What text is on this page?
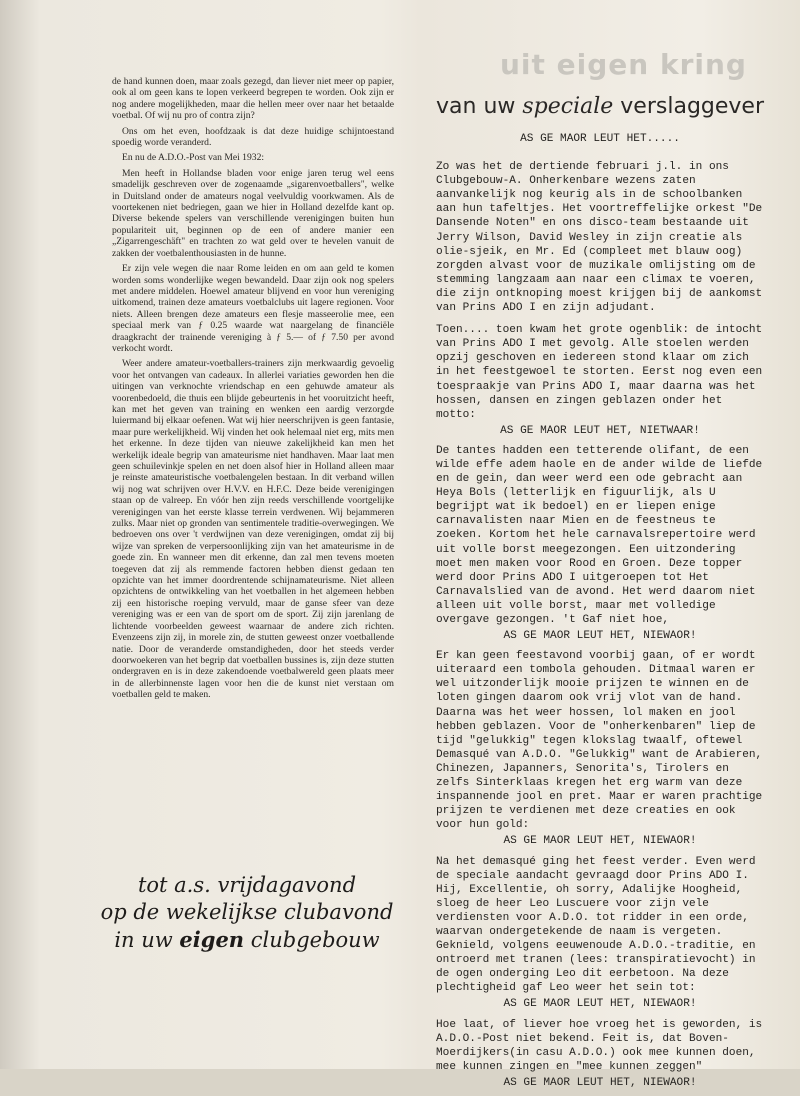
uit eigen kring

de hand kunnen doen, maar zoals gezegd, dan liever niet meer op papier, ook al om geen kans te lopen verkeerd begrepen te worden. Ook zijn er nog andere mogelijkheden, maar die hellen meer over naar het betaalde voetbal. Of wij nu pro of contra zijn?

Ons om het even, hoofdzaak is dat deze huidige schijntoestand spoedig worde veranderd.

En nu de A.D.O.-Post van Mei 1932:

Men heeft in Hollandse bladen voor enige jaren terug wel eens smadelijk geschreven over de zogenaamde „sigarenvoetballers", welke in Duitsland onder de amateurs nogal veelvuldig voorkwamen. Als de voortekenen niet bedriegen, gaan we hier in Holland dezelfde kant op. Diverse bekende spelers van verschillende verenigingen buiten hun populariteit uit, beginnen op de een of andere manier een „Zigarrengeschäft" en trachten zo wat geld over te hevelen vanuit de zakken der voetbalenthousiasten in de hunne.

Er zijn vele wegen die naar Rome leiden en om aan geld te komen worden soms wonderlijke wegen bewandeld. Daar zijn ook nog spelers met andere middelen. Hoewel amateur blijvend en voor hun vereniging uitkomend, trainen deze amateurs voetbalclubs uit lagere regionen. Voor niets. Alleen brengen deze amateurs een flesje masseerolie mee, een speciaal merk van ƒ 0.25 waarde wat naargelang de financiële draagkracht der trainende vereniging à ƒ 5.— of ƒ 7.50 per avond verkocht wordt.

Weer andere amateur-voetballers-trainers zijn merkwaardig gevoelig voor het ontvangen van cadeaux. In allerlei variaties geworden hen die uitingen van verknochte vriendschap en een gehuwde amateur als voorenbedoeld, die thuis een blijde gebeurtenis in het vooruitzicht heeft, kan met het geven van training en wenken een aardig verzorgde luiermand bij elkaar oefenen. Wat wij hier neerschrijven is geen fantasie, maar pure werkelijkheid. Wij vinden het ook helemaal niet erg, mits men het erkenne. In deze tijden van nieuwe zakelijkheid kan men het werkelijk ideale begrip van amateurisme niet handhaven. Maar laat men geen schuilevinkje spelen en net doen alsof hier in Holland alleen maar je reinste amateuristische voetbalengelen bestaan. In dit verband willen wij nog wat schrijven over H.V.V. en H.F.C. Deze beide verenigingen staan op de valreep. En vóór hen zijn reeds verschillende voortgelijke verenigingen van het eerste klasse terrein verdwenen. Wij bejammeren zulks. Maar niet op gronden van sentimentele traditie-overwegingen. We bedroeven ons over 't verdwijnen van deze verenigingen, omdat zij bij wijze van spreken de verpersoonlijking zijn van het amateurisme in de goede zin. En wanneer men dit erkenne, dan zal men tevens moeten toegeven dat zij als remmende factoren hebben dienst gedaan ten opzichte van het immer doordrentende schijnamateurisme. Niet alleen opzichtens de ontwikkeling van het voetballen in het algemeen hebben zij een historische roeping vervuld, maar de ganse sfeer van deze vereniging was er een van de sport om de sport. Zij zijn jarenlang de lichtende voorbeelden geweest waarnaar de andere zich richten. Evenzeens zijn zij, in morele zin, de stutten geweest onzer voetballende natie. Door de veranderde omstandigheden, door het steeds verder doorwoekeren van het begrip dat voetballen bussines is, zijn deze stutten ondergraven en is in deze zakendoende voetbalwereld geen plaats meer in de allerbinnenste lagen voor hen die de kunst niet verstaan om voetballen geld te maken.

tot a.s. vrijdagavond
op de wekelijkse clubavond
in uw eigen clubgebouw
van uw speciale verslaggever
AS GE MAOR LEUT HET.....
Zo was het de dertiende februari j.l. in ons Clubgebouw-A. Onherkenbare wezens zaten aanvankelijk nog keurig als in de schoolbanken aan hun tafeltjes. Het voortreffelijke orkest "De Dansende Noten" en ons disco-team bestaande uit Jerry Wilson, David Wesley in zijn creatie als olie-sjeik, en Mr. Ed (compleet met blauw oog) zorgden alvast voor de muzikale omlijsting om de stemming langzaam aan naar een climax te voeren, die zijn ontknoping moest krijgen bij de aankomst van Prins ADO I en zijn adjudant.
Toen.... toen kwam het grote ogenblik: de intocht van Prins ADO I met gevolg. Alle stoelen werden opzij geschoven en iedereen stond klaar om zich in het feestgewoel te storten. Eerst nog even een toespraakje van Prins ADO I, maar daarna was het hossen, dansen en zingen geblazen onder het motto:
AS GE MAOR LEUT HET, NIETWAAR!
De tantes hadden een tetterende olifant, de een wilde effe adem haole en de ander wilde de liefde en de gein, dan weer werd een ode gebracht aan Heya Bols (letterlijk en figuurlijk, als U begrijpt wat ik bedoel) en er liepen enige carnavalisten naar Mien en de feestneus te zoeken. Kortom het hele carnavalsrepertoire werd uit volle borst meegezongen. Een uitzondering moet men maken voor Rood en Groen. Deze topper werd door Prins ADO I uitgeroepen tot Het Carnavalslied van de avond. Het werd daarom niet alleen uit volle borst, maar met volledige overgave gezongen. 't Gaf niet hoe,
AS GE MAOR LEUT HET, NIEWAOR!
Er kan geen feestavond voorbij gaan, of er wordt uiteraard een tombola gehouden. Ditmaal waren er wel uitzonderlijk mooie prijzen te winnen en de loten gingen daarom ook vrij vlot van de hand. Daarna was het weer hossen, lol maken en jool hebben geblazen. Voor de "onherkenbaren" liep de tijd "gelukkig" tegen klokslag twaalf, oftewel Demasqué van A.D.O. "Gelukkig" want de Arabieren, Chinezen, Japanners, Senorita's, Tirolers en zelfs Sinterklaas kregen het erg warm van deze inspannende jool en pret. Maar er waren prachtige prijzen te verdienen met deze creaties en ook voor hun gold:
AS GE MAOR LEUT HET, NIEWAOR!
Na het demasqué ging het feest verder. Even werd de speciale aandacht gevraagd door Prins ADO I. Hij, Excellentie, oh sorry, Adalijke Hoogheid, sloeg de heer Leo Luscuere voor zijn vele verdiensten voor A.D.O. tot ridder in een orde, waarvan ondergetekende de naam is vergeten. Geknield, volgens eeuwenoude A.D.O.-traditie, en ontroerd met tranen (lees: transpiratievocht) in de ogen onderging Leo dit eerbetoon. Na deze plechtigheid gaf Leo weer het sein tot:
AS GE MAOR LEUT HET, NIEWAOR!
Hoe laat, of liever hoe vroeg het is geworden, is A.D.O.-Post niet bekend. Feit is, dat Boven-Moerdijkers(in casu A.D.O.) ook mee kunnen doen, mee kunnen zingen en "mee kunnen zeggen"
AS GE MAOR LEUT HET, NIEWAOR!
